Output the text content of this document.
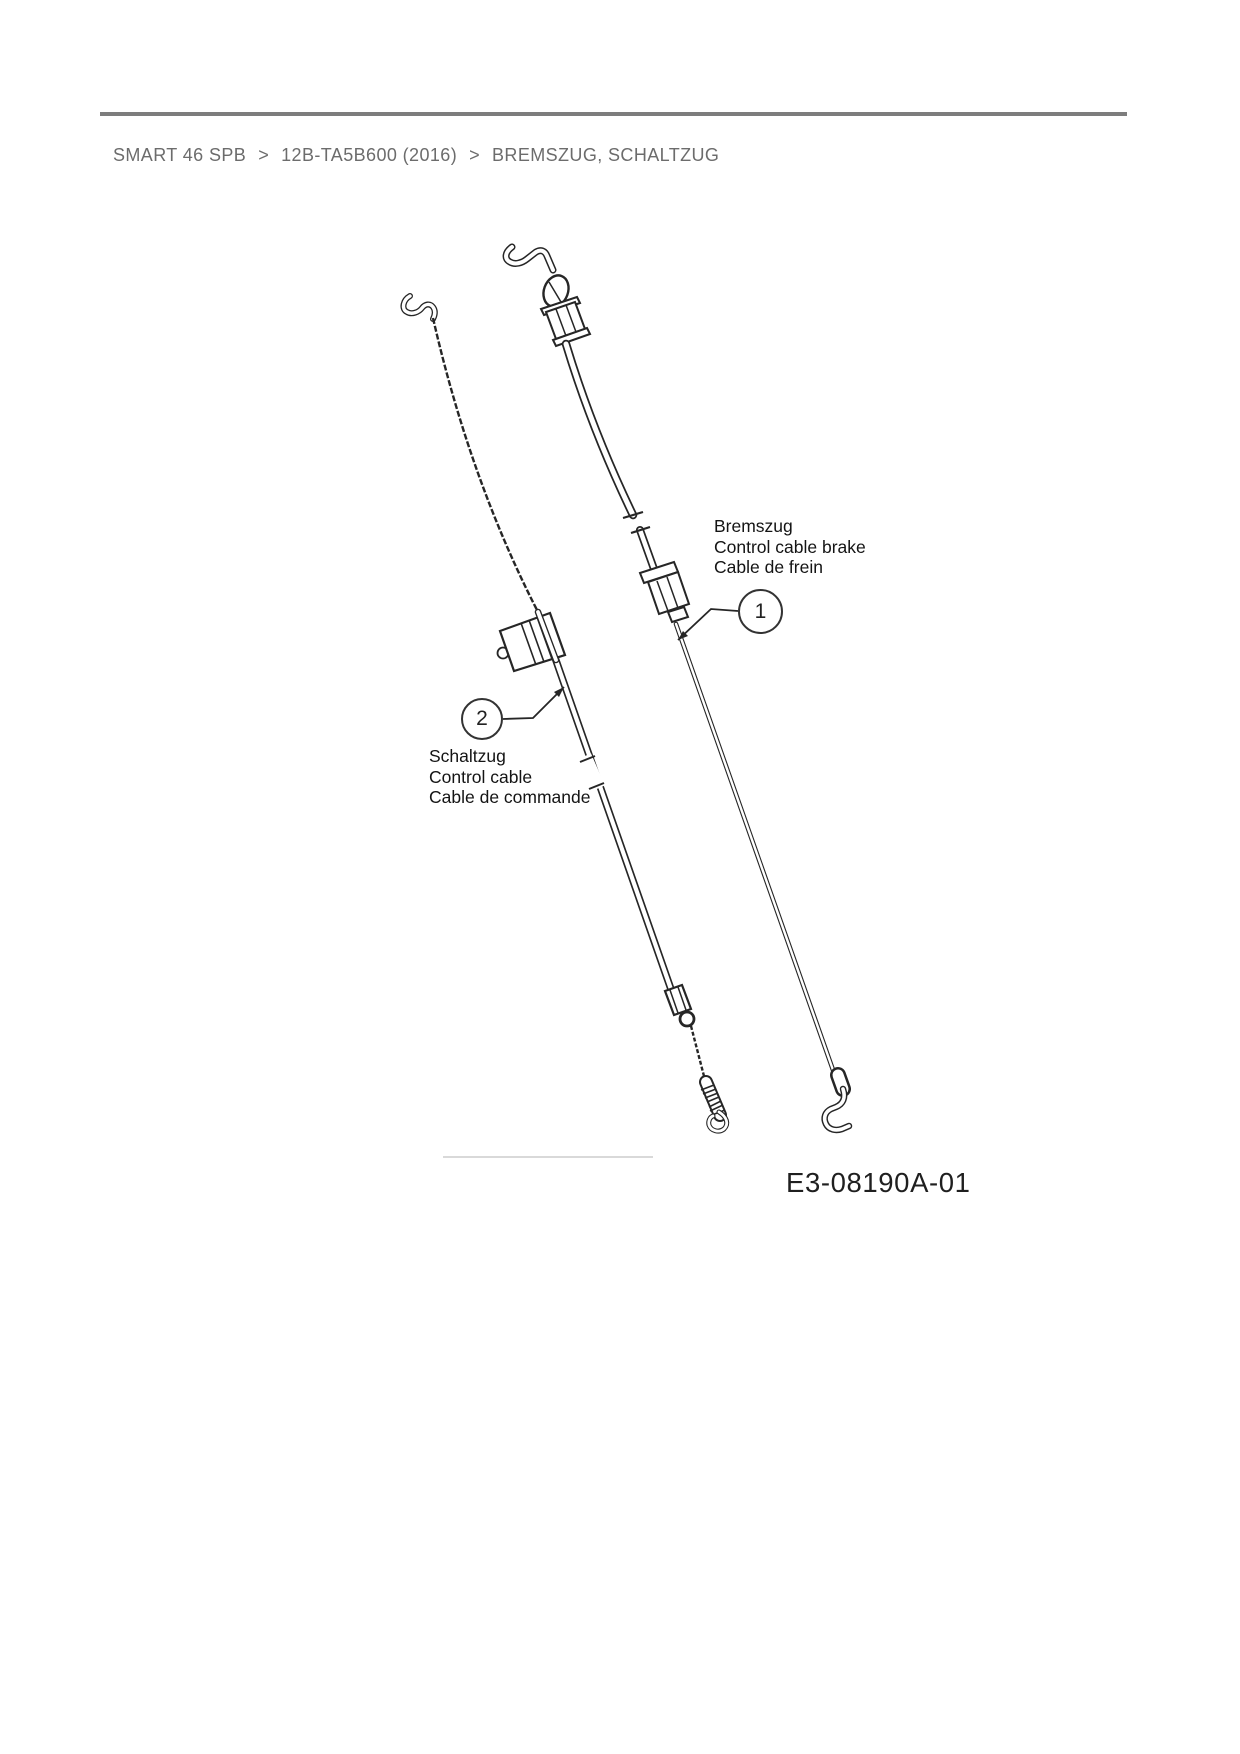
SMART 46 SPB > 12B-TA5B600 (2016) > BREMSZUG, SCHALTZUG
1
2
Bremszug
Control cable brake
Cable de frein
Schaltzug
Control cable
Cable de commande
E3-08190A-01
